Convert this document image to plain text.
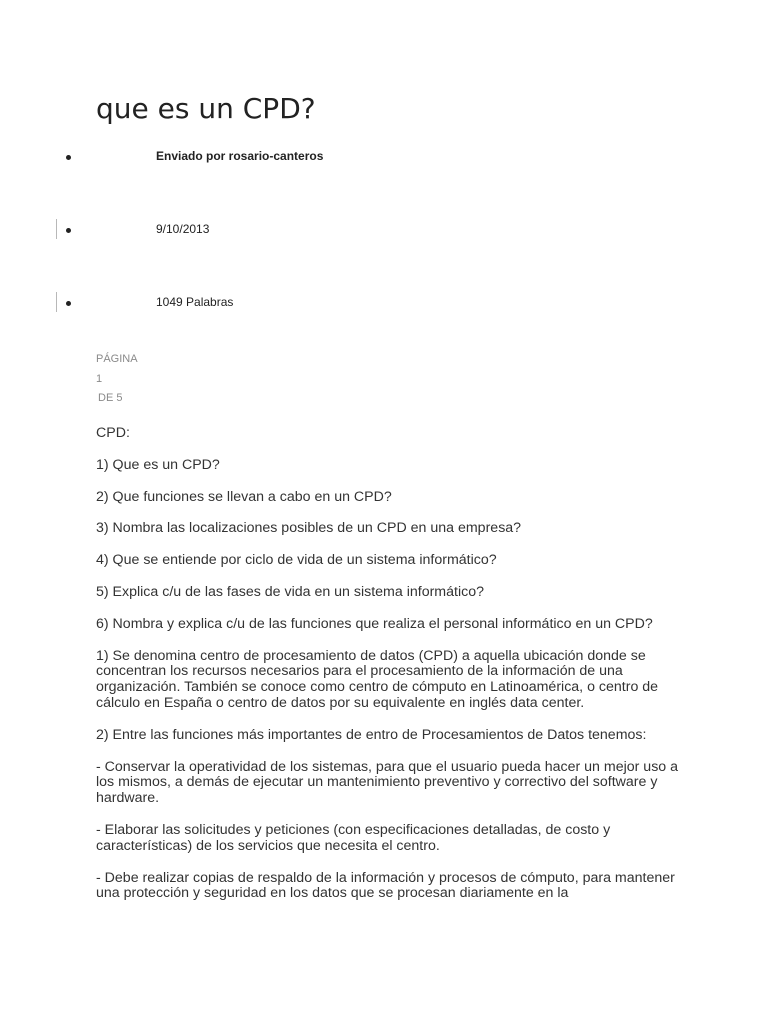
que es un CPD?
Enviado por rosario-canteros
9/10/2013
1049 Palabras
PÁGINA
1
DE 5

CPD:

1) Que es un CPD?

2) Que funciones se llevan a cabo en un CPD?

3) Nombra las localizaciones posibles de un CPD en una empresa?

4) Que se entiende por ciclo de vida de un sistema informático?

5) Explica c/u de las fases de vida en un sistema informático?

6) Nombra y explica c/u de las funciones que realiza el personal informático en un CPD?

1) Se denomina centro de procesamiento de datos (CPD) a aquella ubicación donde se concentran los recursos necesarios para el procesamiento de la información de una organización. También se conoce como centro de cómputo en Latinoamérica, o centro de cálculo en España o centro de datos por su equivalente en inglés data center.

2) Entre las funciones más importantes de entro de Procesamientos de Datos tenemos:

- Conservar la operatividad de los sistemas, para que el usuario pueda hacer un mejor uso a los mismos, a demás de ejecutar un mantenimiento preventivo y correctivo del software y hardware.

- Elaborar las solicitudes y peticiones (con especificaciones detalladas, de costo y características) de los servicios que necesita el centro.

- Debe realizar copias de respaldo de la información y procesos de cómputo, para mantener una protección y seguridad en los datos que se procesan diariamente en la
